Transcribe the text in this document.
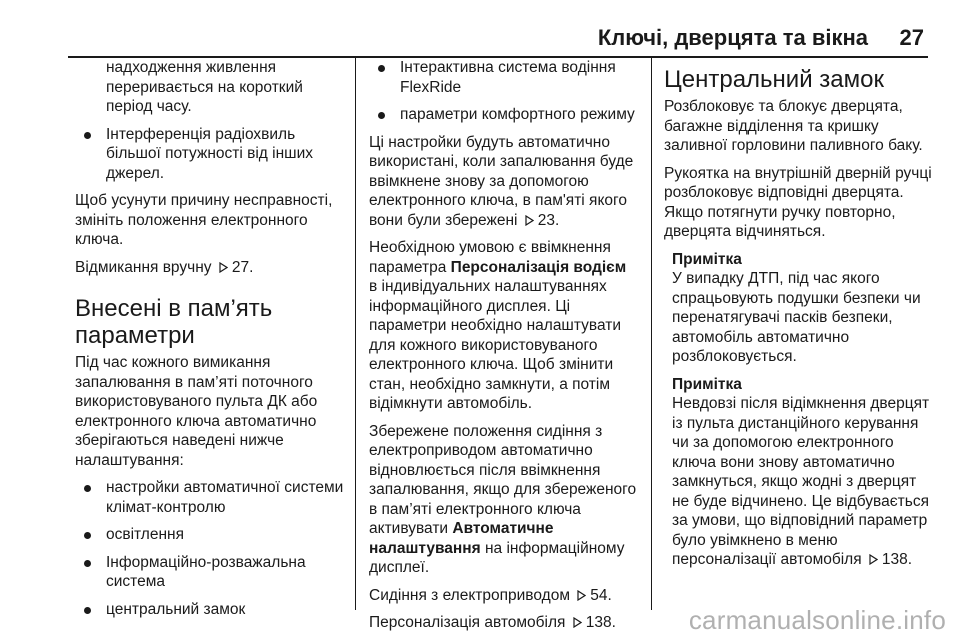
Ключі, дверцята та вікна 27
надходження живлення переривається на короткий період часу.
Інтерференція радіохвиль більшої потужності від інших джерел.

Щоб усунути причину несправності, змініть положення електронного ключа.

Відмикання вручну 27.

Внесені в пам’ять параметри

Під час кожного вимикання запалювання в пам’яті поточного використовуваного пульта ДК або електронного ключа автоматично зберігаються наведені нижче налаштування:

настройки автоматичної системи клімат-контролю
освітлення
Інформаційно-розважальна система
центральний замок
Інтерактивна система водіння FlexRide
параметри комфортного режиму

Ці настройки будуть автоматично використані, коли запалювання буде ввімкнене знову за допомогою електронного ключа, в пам'яті якого вони були збережені 23.

Необхідною умовою є ввімкнення параметра Персоналізація водієм в індивідуальних налаштуваннях інформаційного дисплея. Ці параметри необхідно налаштувати для кожного використовуваного електронного ключа. Щоб змінити стан, необхідно замкнути, а потім відімкнути автомобіль.

Збережене положення сидіння з електроприводом автоматично відновлюється після ввімкнення запалювання, якщо для збереженого в пам’яті електронного ключа активувати Автоматичне налаштування на інформаційному дисплеї.

Сидіння з електроприводом 54.

Персоналізація автомобіля 138.

Центральний замок

Розблоковує та блокує дверцята, багажне відділення та кришку заливної горловини паливного баку.

Рукоятка на внутрішній дверній ручці розблоковує відповідні дверцята. Якщо потягнути ручку повторно, дверцята відчиняться.

Примітка

У випадку ДТП, під час якого спрацьовують подушки безпеки чи перенатягувачі пасків безпеки, автомобіль автоматично розблоковується.

Примітка

Невдовзі після відімкнення дверцят із пульта дистанційного керування чи за допомогою електронного ключа вони знову автоматично замкнуться, якщо жодні з дверцят не буде відчинено. Це відбувається за умови, що відповідний параметр було увімкнено в меню персоналізації автомобіля 138.

carmanualsonline.info
